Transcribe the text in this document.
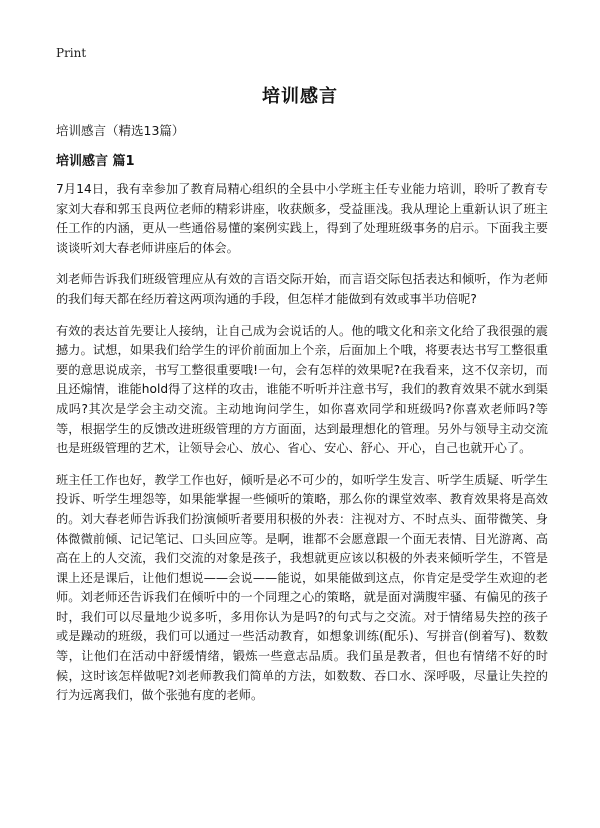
Print
培训感言

培训感言（精选13篇）

培训感言 篇1

7月14日，我有幸参加了教育局精心组织的全县中小学班主任专业能力培训，聆听了教育专家刘大春和郭玉良两位老师的精彩讲座，收获颇多，受益匪浅。我从理论上重新认识了班主任工作的内涵，更从一些通俗易懂的案例实践上，得到了处理班级事务的启示。下面我主要谈谈听刘大春老师讲座后的体会。

刘老师告诉我们班级管理应从有效的言语交际开始，而言语交际包括表达和倾听，作为老师的我们每天都在经历着这两项沟通的手段，但怎样才能做到有效或事半功倍呢?

有效的表达首先要让人接纳，让自己成为会说话的人。他的哦文化和亲文化给了我很强的震撼力。试想，如果我们给学生的评价前面加上个亲，后面加上个哦，将要表达书写工整很重要的意思说成亲，书写工整很重要哦!一句，会有怎样的效果呢?在我看来，这不仅亲切，而且还煽情，谁能hold得了这样的攻击，谁能不听听并注意书写，我们的教育效果不就水到渠成吗?其次是学会主动交流。主动地询问学生，如你喜欢同学和班级吗?你喜欢老师吗?等等，根据学生的反馈改进班级管理的方方面面，达到最理想化的管理。另外与领导主动交流也是班级管理的艺术，让领导会心、放心、省心、安心、舒心、开心，自己也就开心了。

班主任工作也好，教学工作也好，倾听是必不可少的，如听学生发言、听学生质疑、听学生投诉、听学生埋怨等，如果能掌握一些倾听的策略，那么你的课堂效率、教育效果将是高效的。刘大春老师告诉我们扮演倾听者要用积极的外表：注视对方、不时点头、面带微笑、身体微微前倾、记记笔记、口头回应等。是啊，谁都不会愿意跟一个面无表情、目光游离、高高在上的人交流，我们交流的对象是孩子，我想就更应该以积极的外表来倾听学生，不管是课上还是课后，让他们想说——会说——能说，如果能做到这点，你肯定是受学生欢迎的老师。刘老师还告诉我们在倾听中的一个同理之心的策略，就是面对满腹牢骚、有偏见的孩子时，我们可以尽量地少说多听，多用你认为是吗?的句式与之交流。对于情绪易失控的孩子或是躁动的班级，我们可以通过一些活动教育，如想象训练(配乐)、写拼音(倒着写)、数数等，让他们在活动中舒缓情绪，锻炼一些意志品质。我们虽是教者，但也有情绪不好的时候，这时该怎样做呢?刘老师教我们简单的方法，如数数、吞口水、深呼吸，尽量让失控的行为远离我们，做个张弛有度的老师。
